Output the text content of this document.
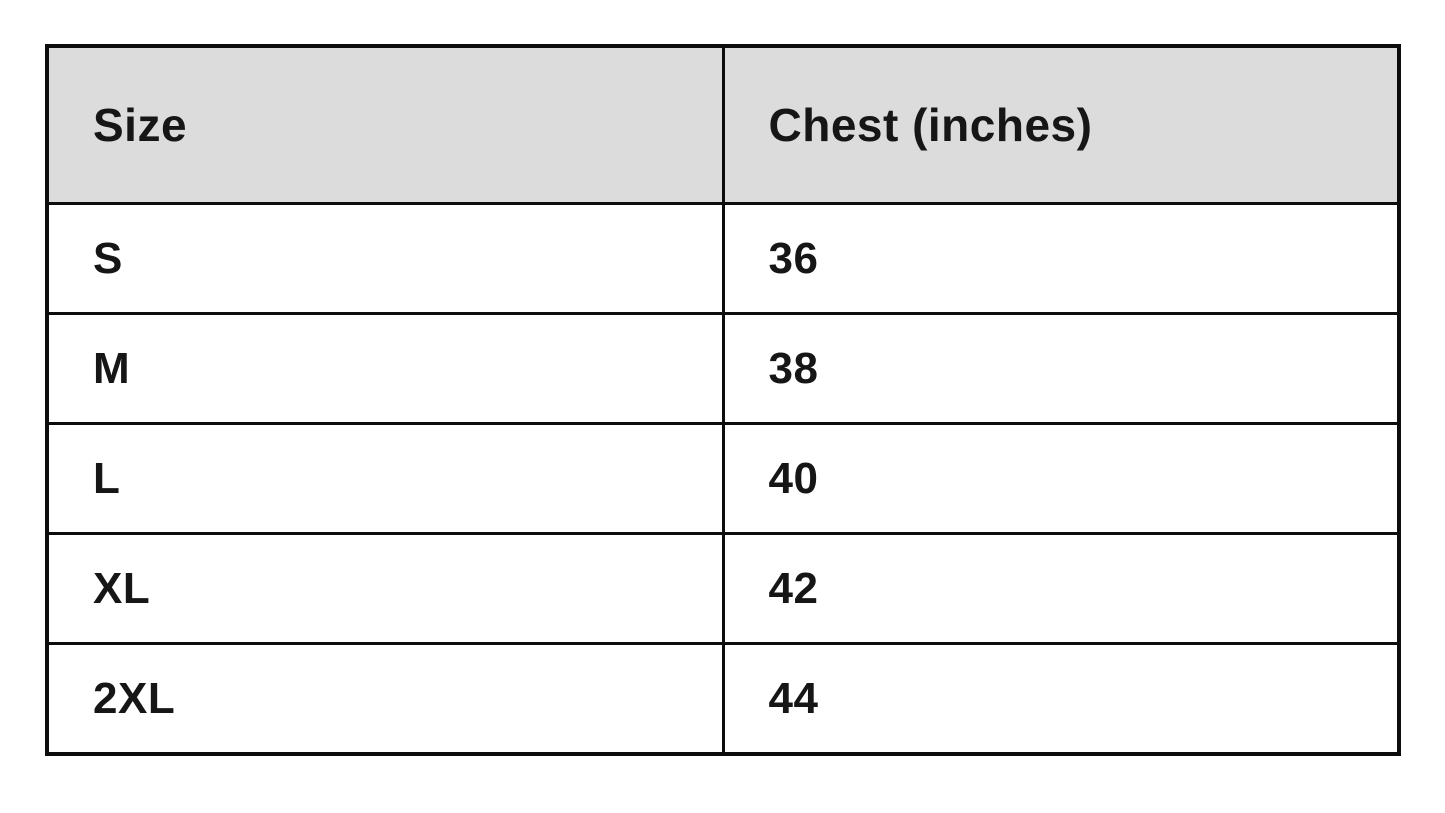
Size	Chest (inches)
S	36
M	38
L	40
XL	42
2XL	44
